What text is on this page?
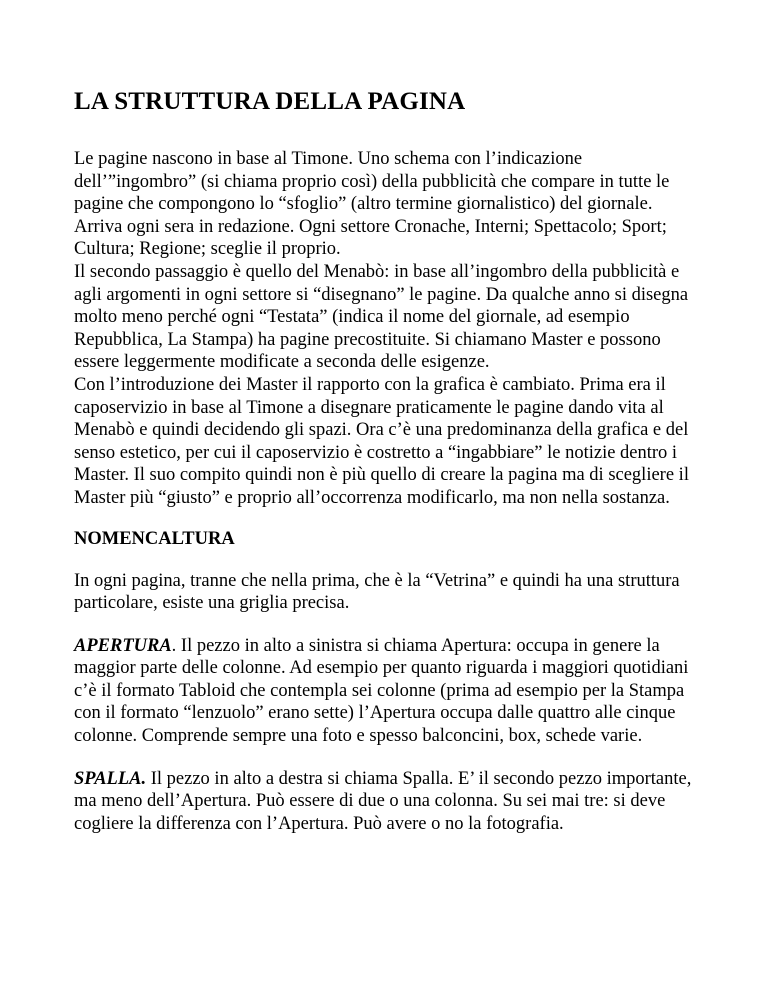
LA STRUTTURA DELLA PAGINA
Le pagine nascono in base al Timone. Uno schema con l’indicazione dell’”ingombro” (si chiama proprio così) della pubblicità che compare in tutte le pagine che compongono lo “sfoglio” (altro termine giornalistico) del giornale. Arriva ogni sera in redazione. Ogni settore Cronache, Interni; Spettacolo; Sport; Cultura; Regione; sceglie il proprio.
Il secondo passaggio è quello del Menabò: in base all’ingombro della pubblicità e agli argomenti in ogni settore si “disegnano” le pagine. Da qualche anno si disegna molto meno perché ogni “Testata” (indica il nome del giornale, ad esempio Repubblica, La Stampa) ha pagine precostituite. Si chiamano Master e possono essere leggermente modificate a seconda delle esigenze.
Con l’introduzione dei Master il rapporto con la grafica è cambiato. Prima era il caposervizio in base al Timone a disegnare praticamente le pagine dando vita al Menabò e quindi decidendo gli spazi. Ora c’è una predominanza della grafica e del senso estetico, per cui il caposervizio è costretto a “ingabbiare” le notizie dentro i Master. Il suo compito quindi non è più quello di creare la pagina ma di scegliere il Master più “giusto” e proprio all’occorrenza modificarlo, ma non nella sostanza.
NOMENCALTURA

In ogni pagina, tranne che nella prima, che è la “Vetrina” e quindi ha una struttura particolare, esiste una griglia precisa.

APERTURA. Il pezzo in alto a sinistra si chiama Apertura: occupa in genere la maggior parte delle colonne. Ad esempio per quanto riguarda i maggiori quotidiani c’è il formato Tabloid che contempla sei colonne (prima ad esempio per la Stampa con il formato “lenzuolo” erano sette) l’Apertura occupa dalle quattro alle cinque colonne. Comprende sempre una foto e spesso balconcini, box, schede varie.

SPALLA. Il pezzo in alto a destra si chiama Spalla. E’ il secondo pezzo importante, ma meno dell’Apertura. Può essere di due o una colonna. Su sei mai tre: si deve cogliere la differenza con l’Apertura. Può avere o no la fotografia.
